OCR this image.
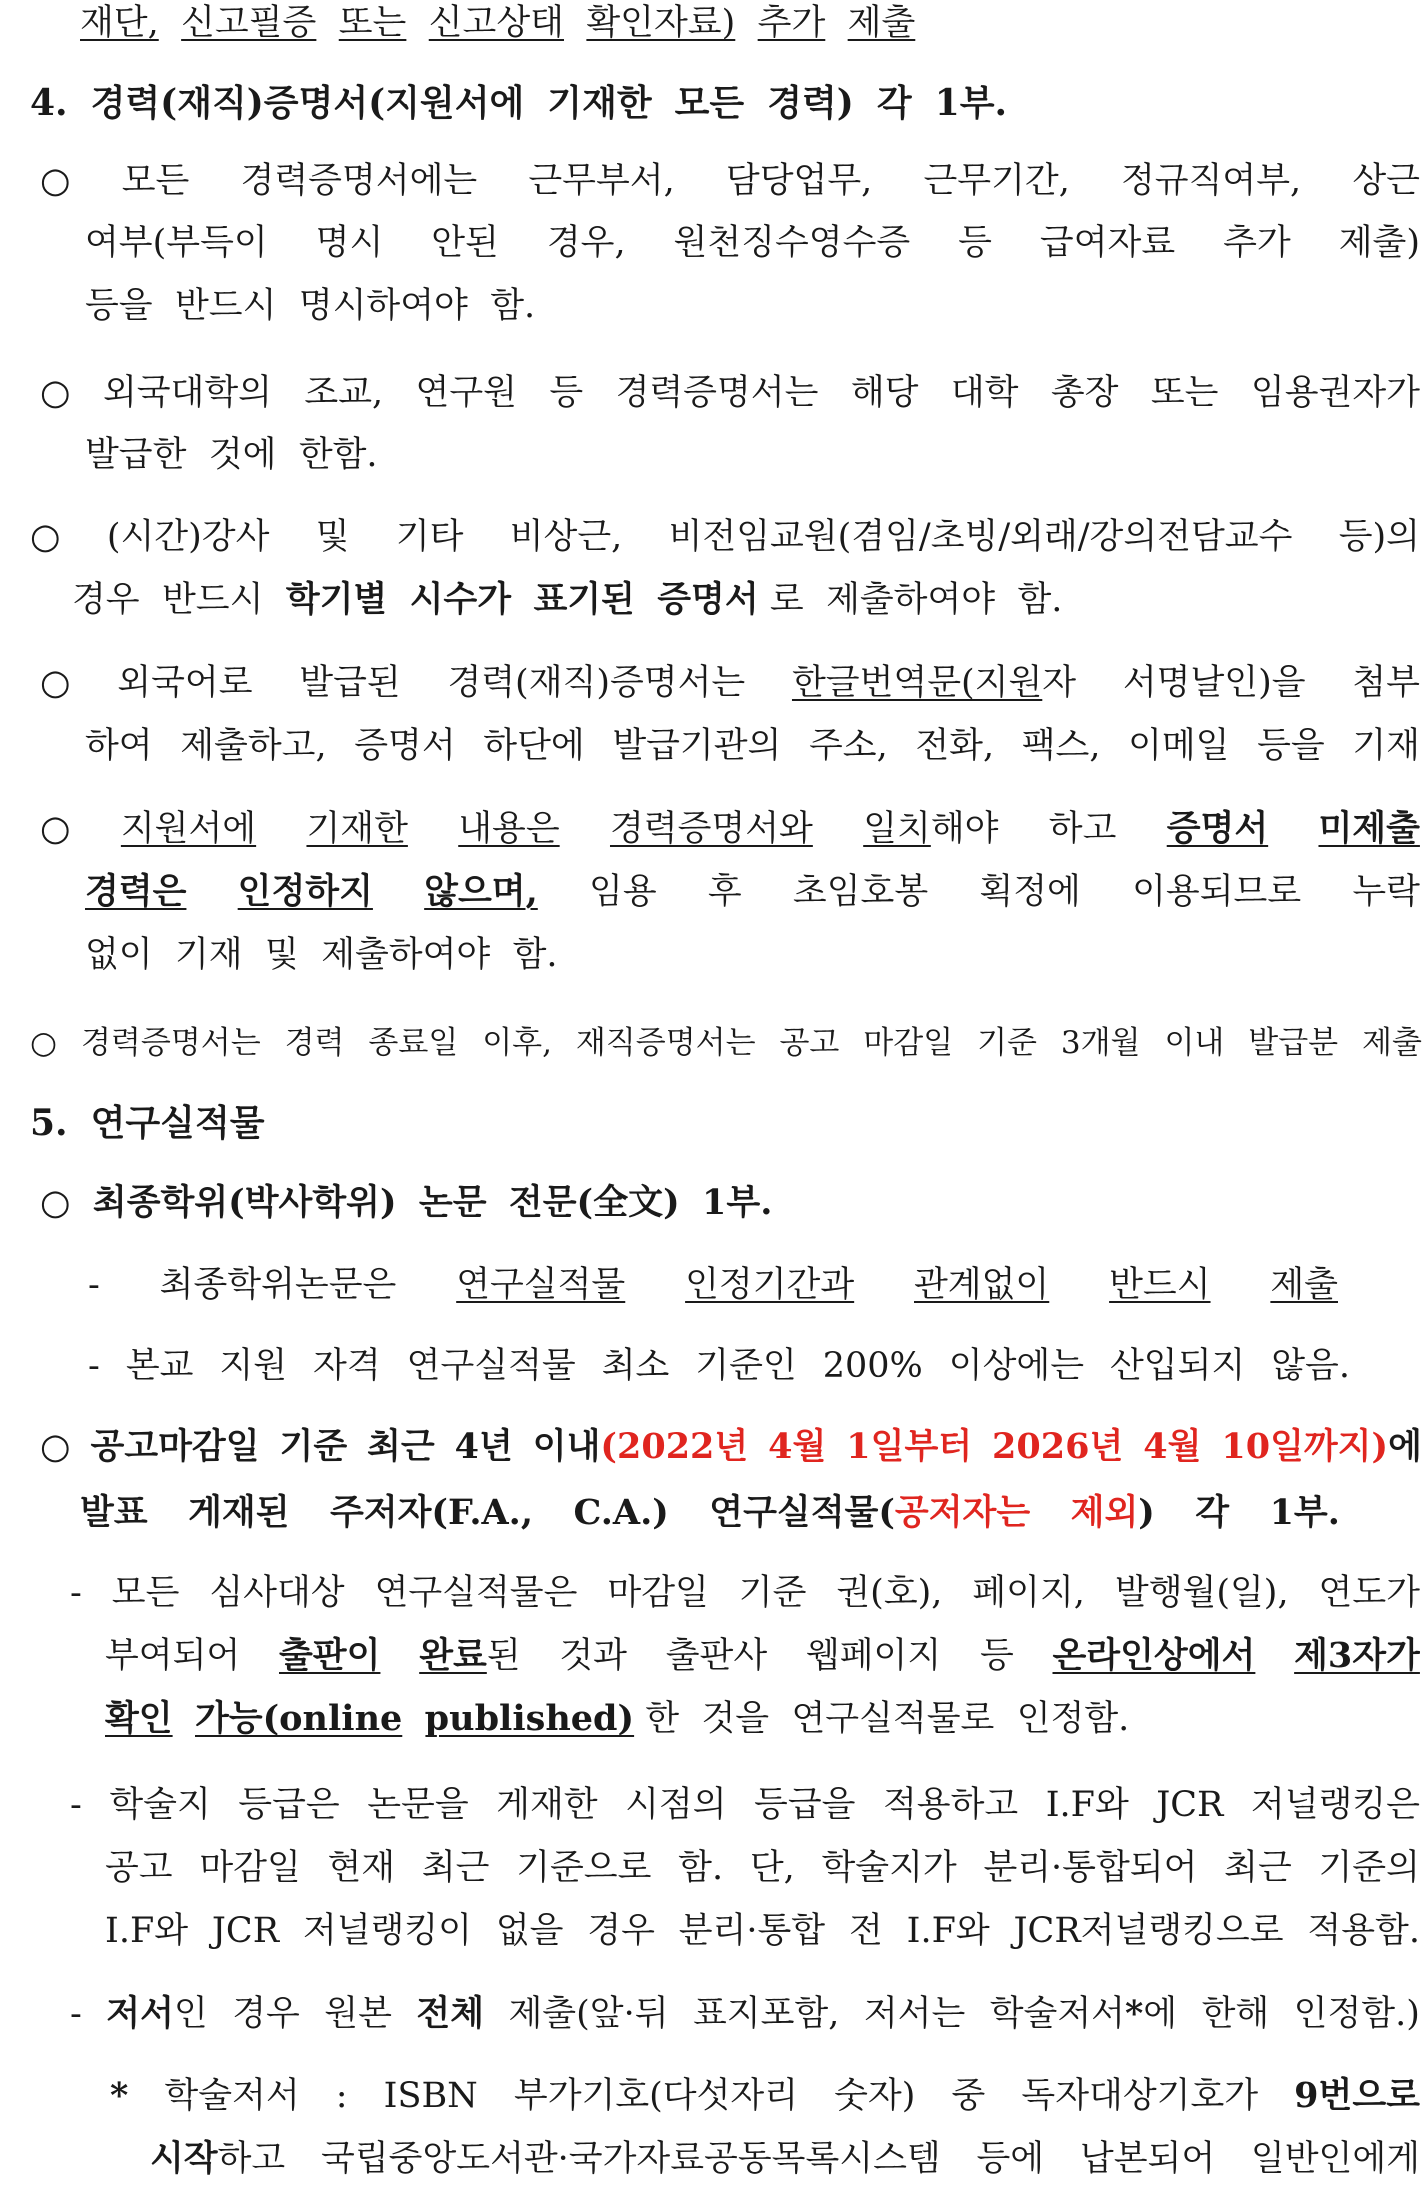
재단, 신고필증 또는 신고상태 확인자료) 추가 제출
4. 경력(재직)증명서(지원서에 기재한 모든 경력) 각 1부.
○ 모든 경력증명서에는 근무부서, 담당업무, 근무기간, 정규직여부, 상근
여부(부득이 명시 안된 경우, 원천징수영수증 등 급여자료 추가 제출)
등을 반드시 명시하여야 함.
○ 외국대학의 조교, 연구원 등 경력증명서는 해당 대학 총장 또는 임용권자가
발급한 것에 한함.
○ (시간)강사 및 기타 비상근, 비전임교원(겸임/초빙/외래/강의전담교수 등)의
경우 반드시 학기별 시수가 표기된 증명서 로 제출하여야 함.
○ 외국어로 발급된 경력(재직)증명서는 한글번역문(지원자 서명날인)을 첨부
하여 제출하고, 증명서 하단에 발급기관의 주소, 전화, 팩스, 이메일 등을 기재
○ 지원서에 기재한 내용은 경력증명서와 일치해야 하고 증명서 미제출
경력은 인정하지 않으며, 임용 후 초임호봉 획정에 이용되므로 누락
없이 기재 및 제출하여야 함.
○ 경력증명서는 경력 종료일 이후, 재직증명서는 공고 마감일 기준 3개월 이내 발급분 제출
5. 연구실적물
○ 최종학위(박사학위) 논문 전문(全文) 1부.
- 최종학위논문은 연구실적물 인정기간과 관계없이 반드시 제출
- 본교 지원 자격 연구실적물 최소 기준인 200% 이상에는 산입되지 않음.
○ 공고마감일 기준 최근 4년 이내(2022년 4월 1일부터 2026년 4월 10일까지)에
발표 게재된 주저자(F.A., C.A.) 연구실적물(공저자는 제외) 각 1부.
- 모든 심사대상 연구실적물은 마감일 기준 권(호), 페이지, 발행월(일), 연도가
부여되어 출판이 완료된 것과 출판사 웹페이지 등 온라인상에서 제3자가
확인 가능(online published) 한 것을 연구실적물로 인정함.
- 학술지 등급은 논문을 게재한 시점의 등급을 적용하고 I.F와 JCR 저널랭킹은
공고 마감일 현재 최근 기준으로 함. 단, 학술지가 분리·통합되어 최근 기준의
I.F와 JCR 저널랭킹이 없을 경우 분리·통합 전 I.F와 JCR저널랭킹으로 적용함.
- 저서인 경우 원본 전체 제출(앞·뒤 표지포함, 저서는 학술저서*에 한해 인정함.)
* 학술저서 : ISBN 부가기호(다섯자리 숫자) 중 독자대상기호가 9번으로
시작하고 국립중앙도서관·국가자료공동목록시스템 등에 납본되어 일반인에게
